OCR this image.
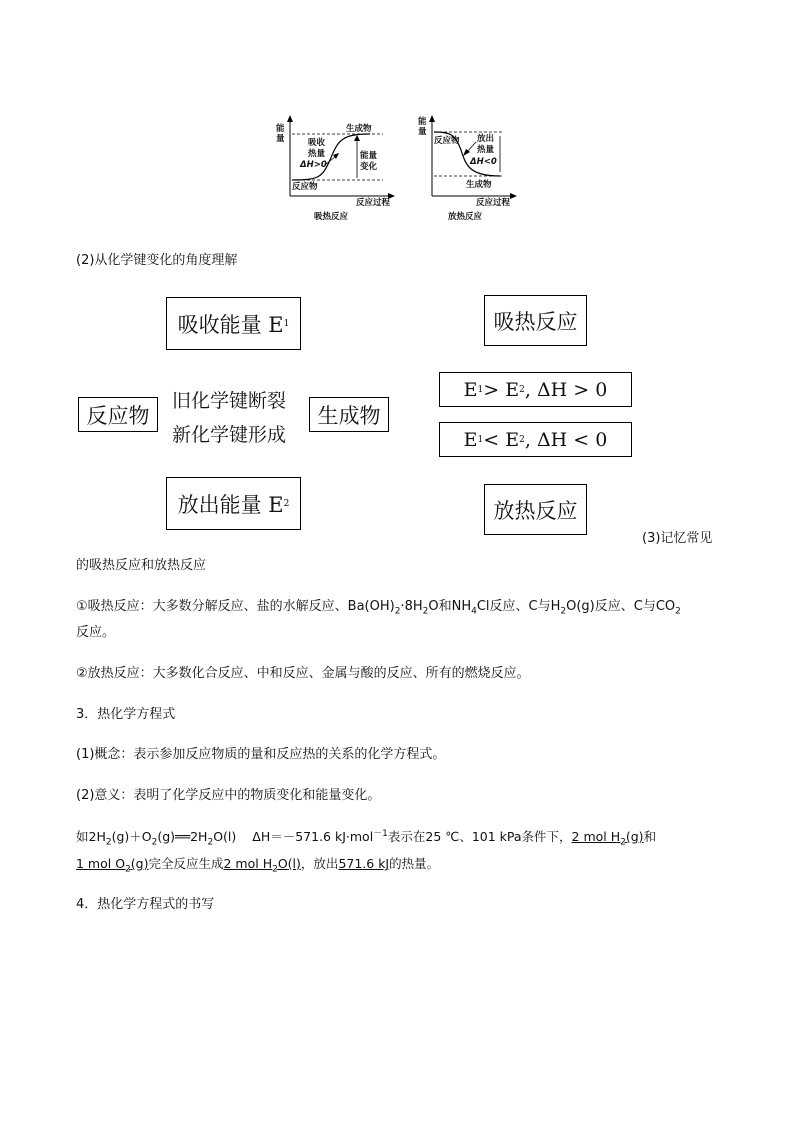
能
量
生成物
吸收
热量
ΔH>0
能量
变化
反应物
反应过程
吸热反应
能
量
反应物 放出
热量
ΔH<0
生成物
反应过程
放热反应
(2)从化学键变化的角度理解
吸收能量 E 1
反应物
旧化学键断裂
新化学键形成
生成物
放出能量 E 2
E 1 > E 2 , ΔH > 0
E 1 < E 2 , ΔH < 0
吸热反应
放热反应
(3)记忆常见
的吸热反应和放热反应
①吸热反应：大多数分解反应、盐的水解反应、$Ba(OH)_2\cdot 8H_2O$和$NH_4Cl$反应、C与$H_2O(g)$反应、C与$CO_2$
反应。
②放热反应：大多数化合反应、中和反应、金属与酸的反应、所有的燃烧反应。
3．热化学方程式
(1)概念：表示参加反应物质的量和反应热的关系的化学方程式。
(2)意义：表明了化学反应中的物质变化和能量变化。
如$2H_2(g)+O_2(g)══2H_2O(l)$ ΔH＝－571.6 kJ·mol$^{-1}$表示在25 ℃、101 kPa条件下，2 mol $H_2(g)$和
1 mol $O_2(g)$完全反应生成2 mol $H_2O(l)$，放出571.6 kJ的热量。
4．热化学方程式的书写
